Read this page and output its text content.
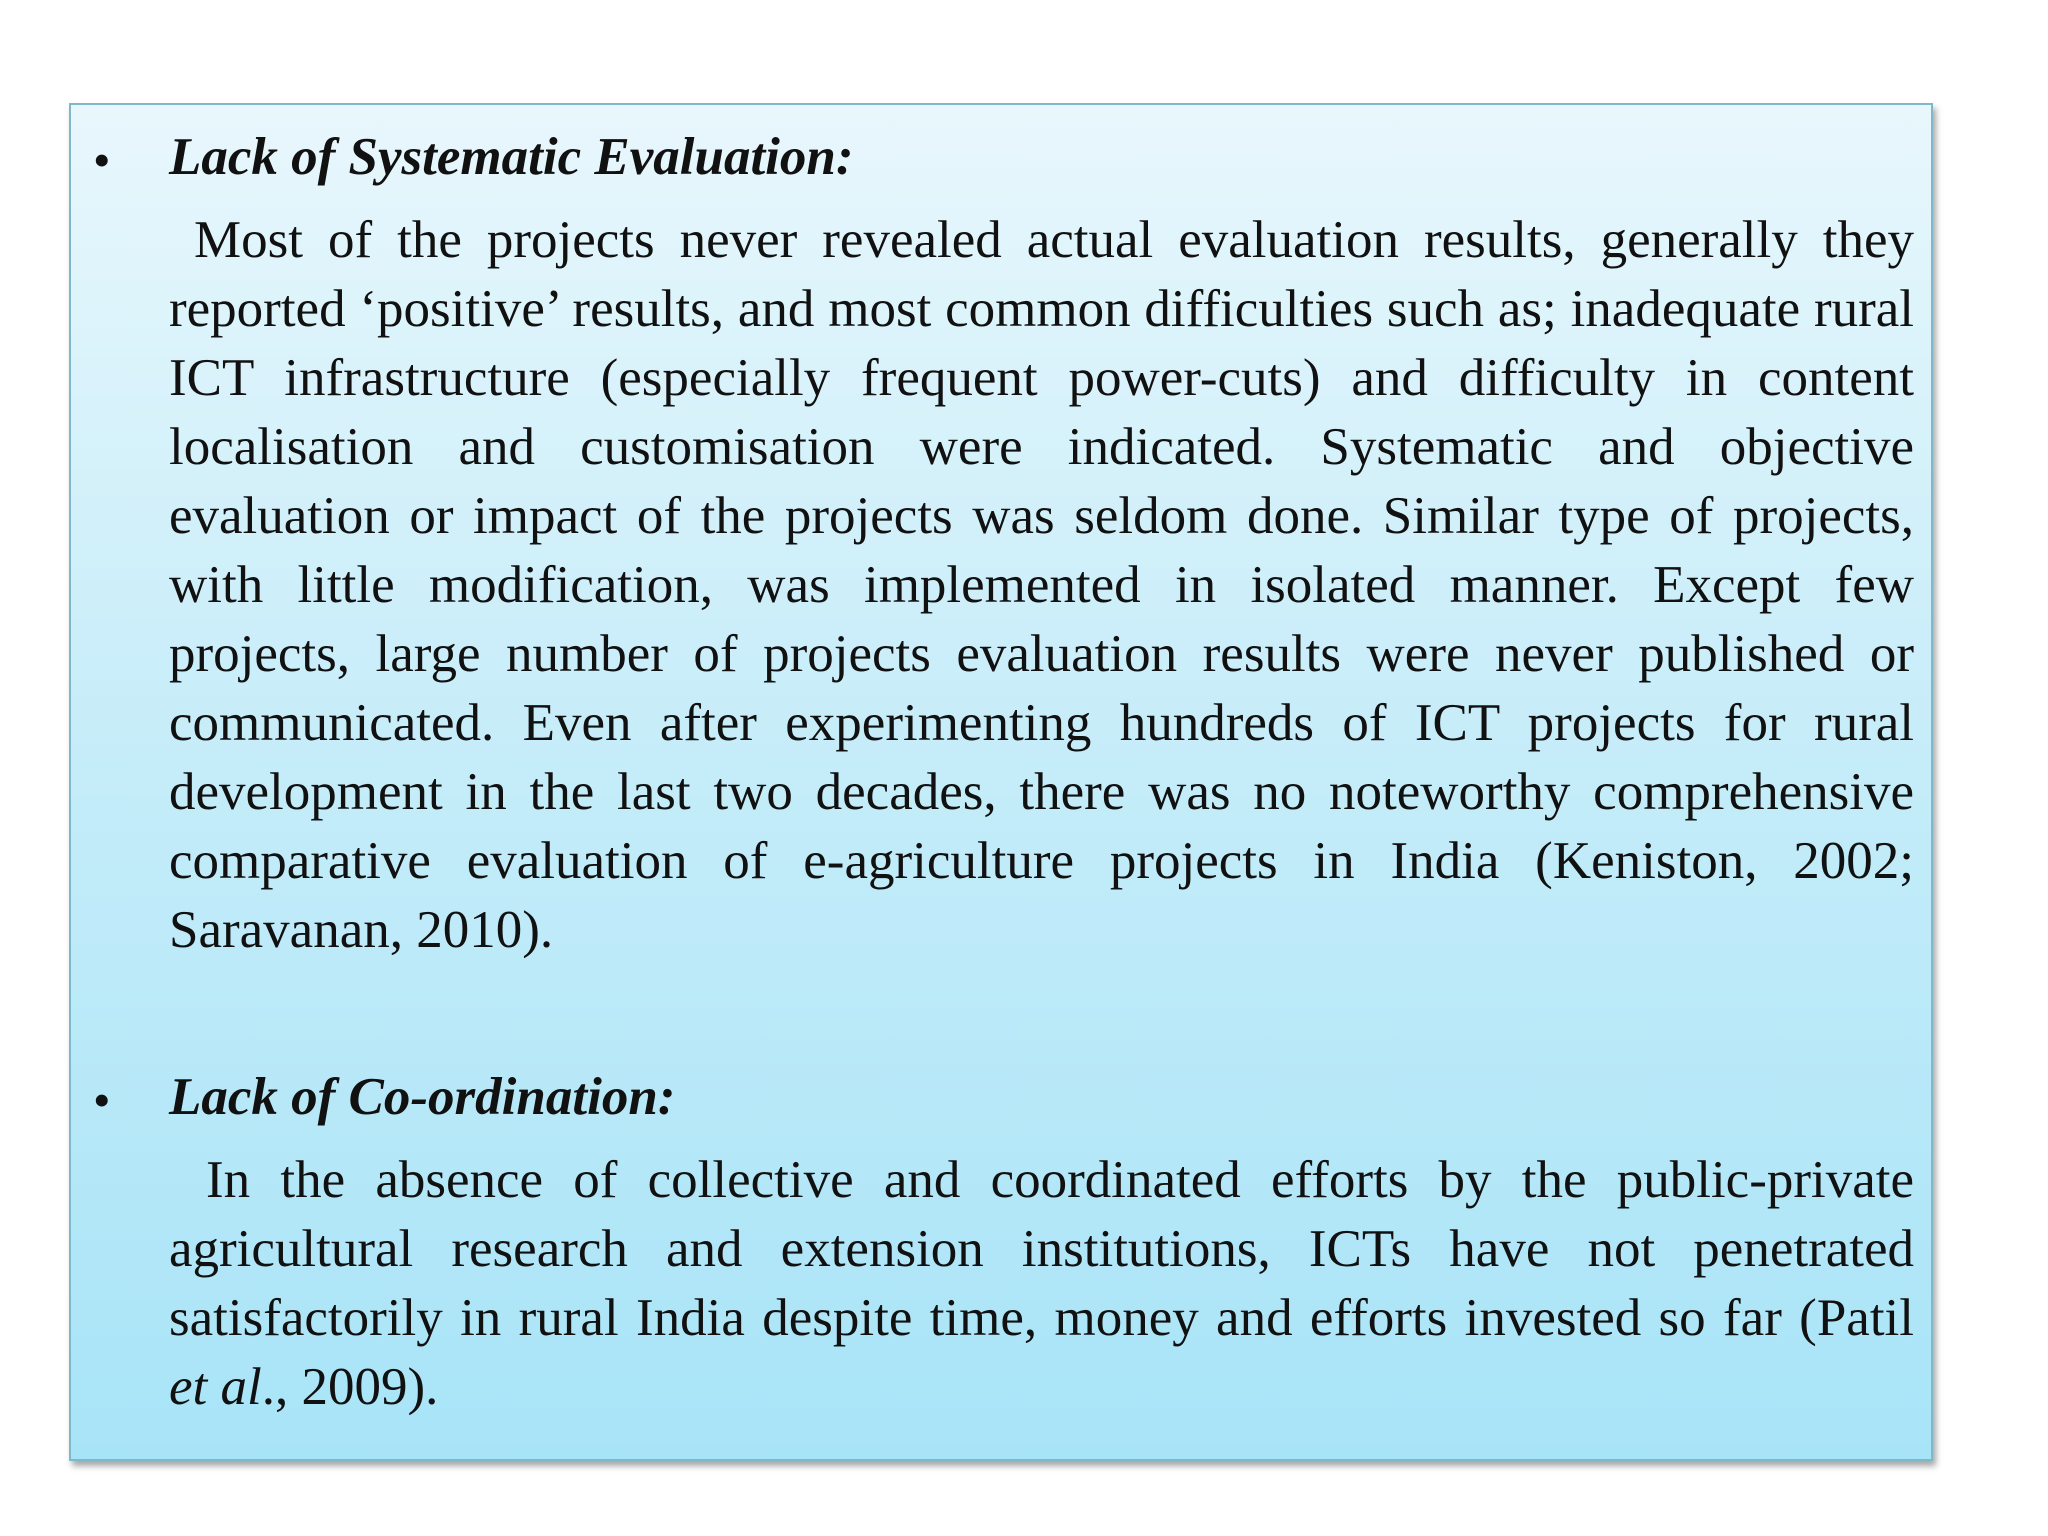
• Lack of Systematic Evaluation:

Most of the projects never revealed actual evaluation results, generally they reported ‘positive’ results, and most common difficulties such as; inadequate rural ICT infrastructure (especially frequent power-cuts) and difficulty in content localisation and customisation were indicated. Systematic and objective evaluation or impact of the projects was seldom done. Similar type of projects, with little modification, was implemented in isolated manner. Except few projects, large number of projects evaluation results were never published or communicated. Even after experimenting hundreds of ICT projects for rural development in the last two decades, there was no noteworthy comprehensive comparative evaluation of e-agriculture projects in India (Keniston, 2002; Saravanan, 2010).

• Lack of Co-ordination:

In the absence of collective and coordinated efforts by the public-private agricultural research and extension institutions, ICTs have not penetrated satisfactorily in rural India despite time, money and efforts invested so far (Patil et al., 2009).
